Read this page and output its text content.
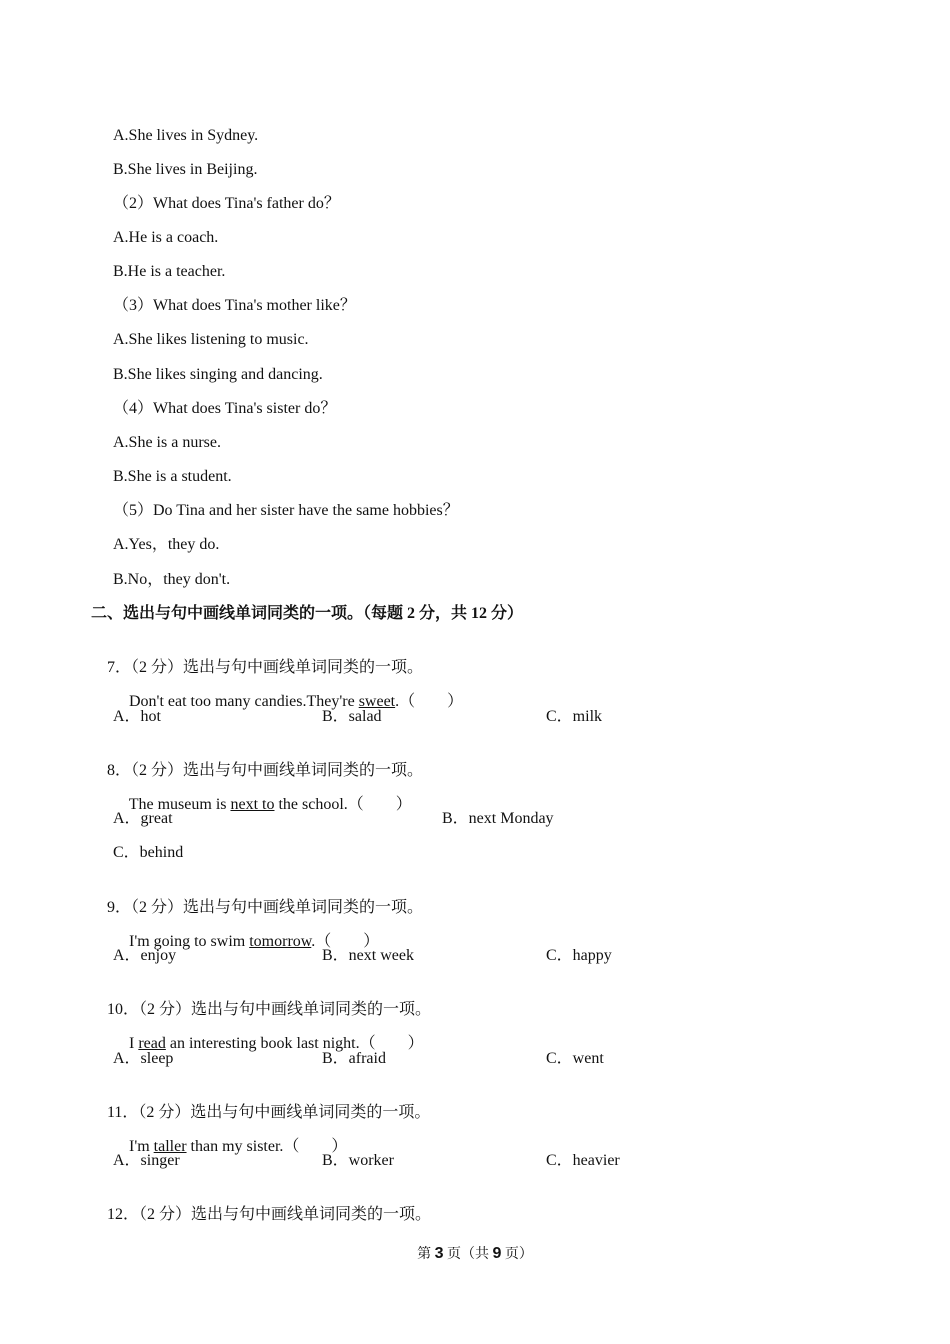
A.She lives in Sydney.
B.She lives in Beijing.
（2）What does Tina's father do？
A.He is a coach.
B.He is a teacher.
（3）What does Tina's mother like？
A.She likes listening to music.
B.She likes singing and dancing.
（4）What does Tina's sister do？
A.She is a nurse.
B.She is a student.
（5）Do Tina and her sister have the same hobbies？
A.Yes，they do.
B.No，they don't.
二、选出与句中画线单词同类的一项。（每题 2 分，共 12 分）

7．（2 分）选出与句中画线单词同类的一项。

Don't eat too many candies.They're sweet.（　　）

A．hot	B．salad	C．milk

8．（2 分）选出与句中画线单词同类的一项。

The museum is next to the school.（　　）

A．great	B．next Monday
C．behind

9．（2 分）选出与句中画线单词同类的一项。

I'm going to swim tomorrow.（　　）

A．enjoy	B．next week	C．happy

10．（2 分）选出与句中画线单词同类的一项。

I read an interesting book last night.（　　）

A．sleep	B．afraid	C．went

11．（2 分）选出与句中画线单词同类的一项。

I'm taller than my sister.（　　）

A．singer	B．worker	C．heavier

12．（2 分）选出与句中画线单词同类的一项。

第 3 页（共 9 页）
